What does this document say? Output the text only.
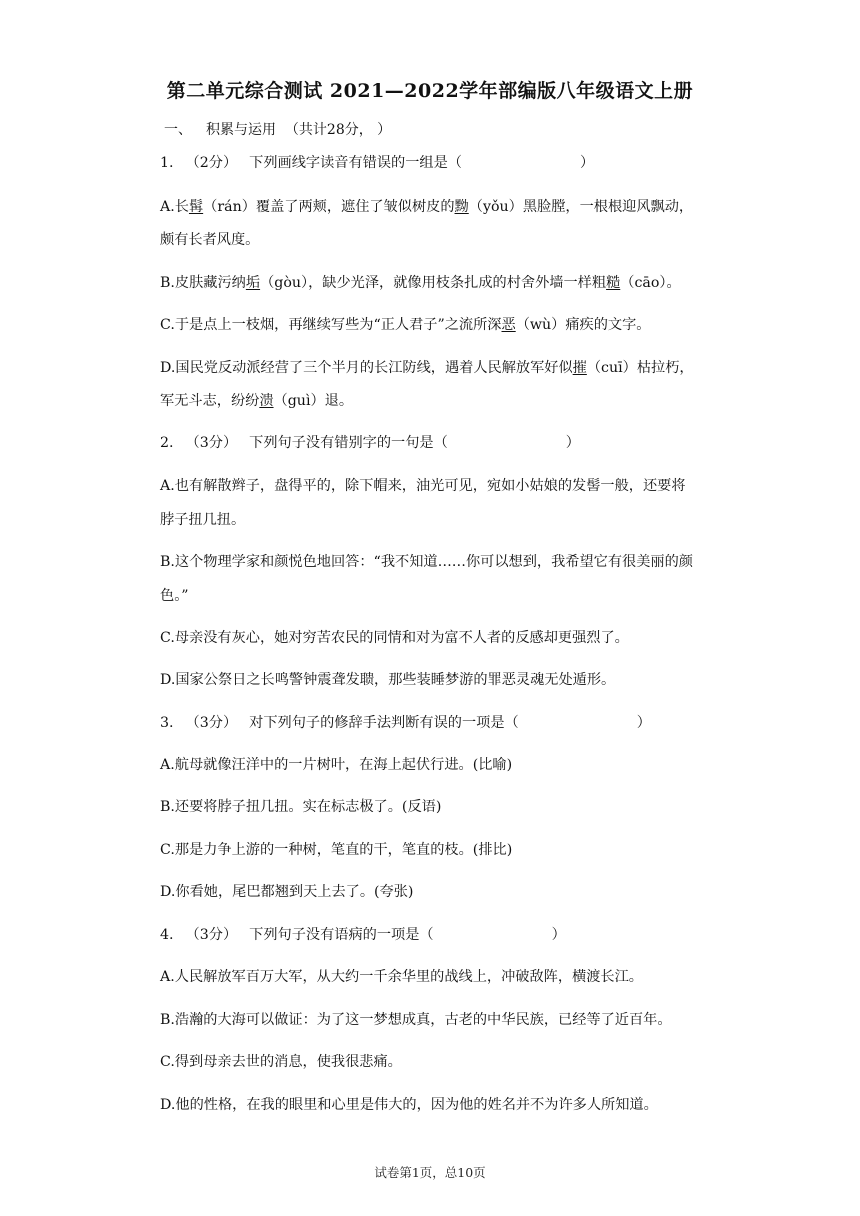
第二单元综合测试 2021—2022学年部编版八年级语文上册
一、 积累与运用 （共计28分， ）
1. （2分） 下列画线字读音有错误的一组是（	）
A.长髯（rán）覆盖了两颊，遮住了皱似树皮的黝（yǒu）黑脸膛，一根根迎风飘动，
颇有长者风度。
B.皮肤藏污纳垢（gòu），缺少光泽，就像用枝条扎成的村舍外墙一样粗糙（cāo）。
C.于是点上一枝烟，再继续写些为“正人君子”之流所深恶（wù）痛疾的文字。
D.国民党反动派经营了三个半月的长江防线，遇着人民解放军好似摧（cuī）枯拉朽，
军无斗志，纷纷溃（guì）退。
2. （3分） 下列句子没有错别字的一句是（	）
A.也有解散辫子，盘得平的，除下帽来，油光可见，宛如小姑娘的发髻一般，还要将
脖子扭几扭。
B.这个物理学家和颜悦色地回答：“我不知道……你可以想到，我希望它有很美丽的颜
色。”
C.母亲没有灰心，她对穷苦农民的同情和对为富不人者的反感却更强烈了。
D.国家公祭日之长鸣警钟震聋发聩，那些装睡梦游的罪恶灵魂无处遁形。
3. （3分） 对下列句子的修辞手法判断有误的一项是（	）
A.航母就像汪洋中的一片树叶，在海上起伏行进。(比喻)
B.还要将脖子扭几扭。实在标志极了。(反语)
C.那是力争上游的一种树，笔直的干，笔直的枝。(排比)
D.你看她，尾巴都翘到天上去了。(夸张)
4. （3分） 下列句子没有语病的一项是（	）
A.人民解放军百万大军，从大约一千余华里的战线上，冲破敌阵，横渡长江。
B.浩瀚的大海可以做证：为了这一梦想成真，古老的中华民族，已经等了近百年。
C.得到母亲去世的消息，使我很悲痛。
D.他的性格，在我的眼里和心里是伟大的，因为他的姓名并不为许多人所知道。
试卷第1页，总10页
